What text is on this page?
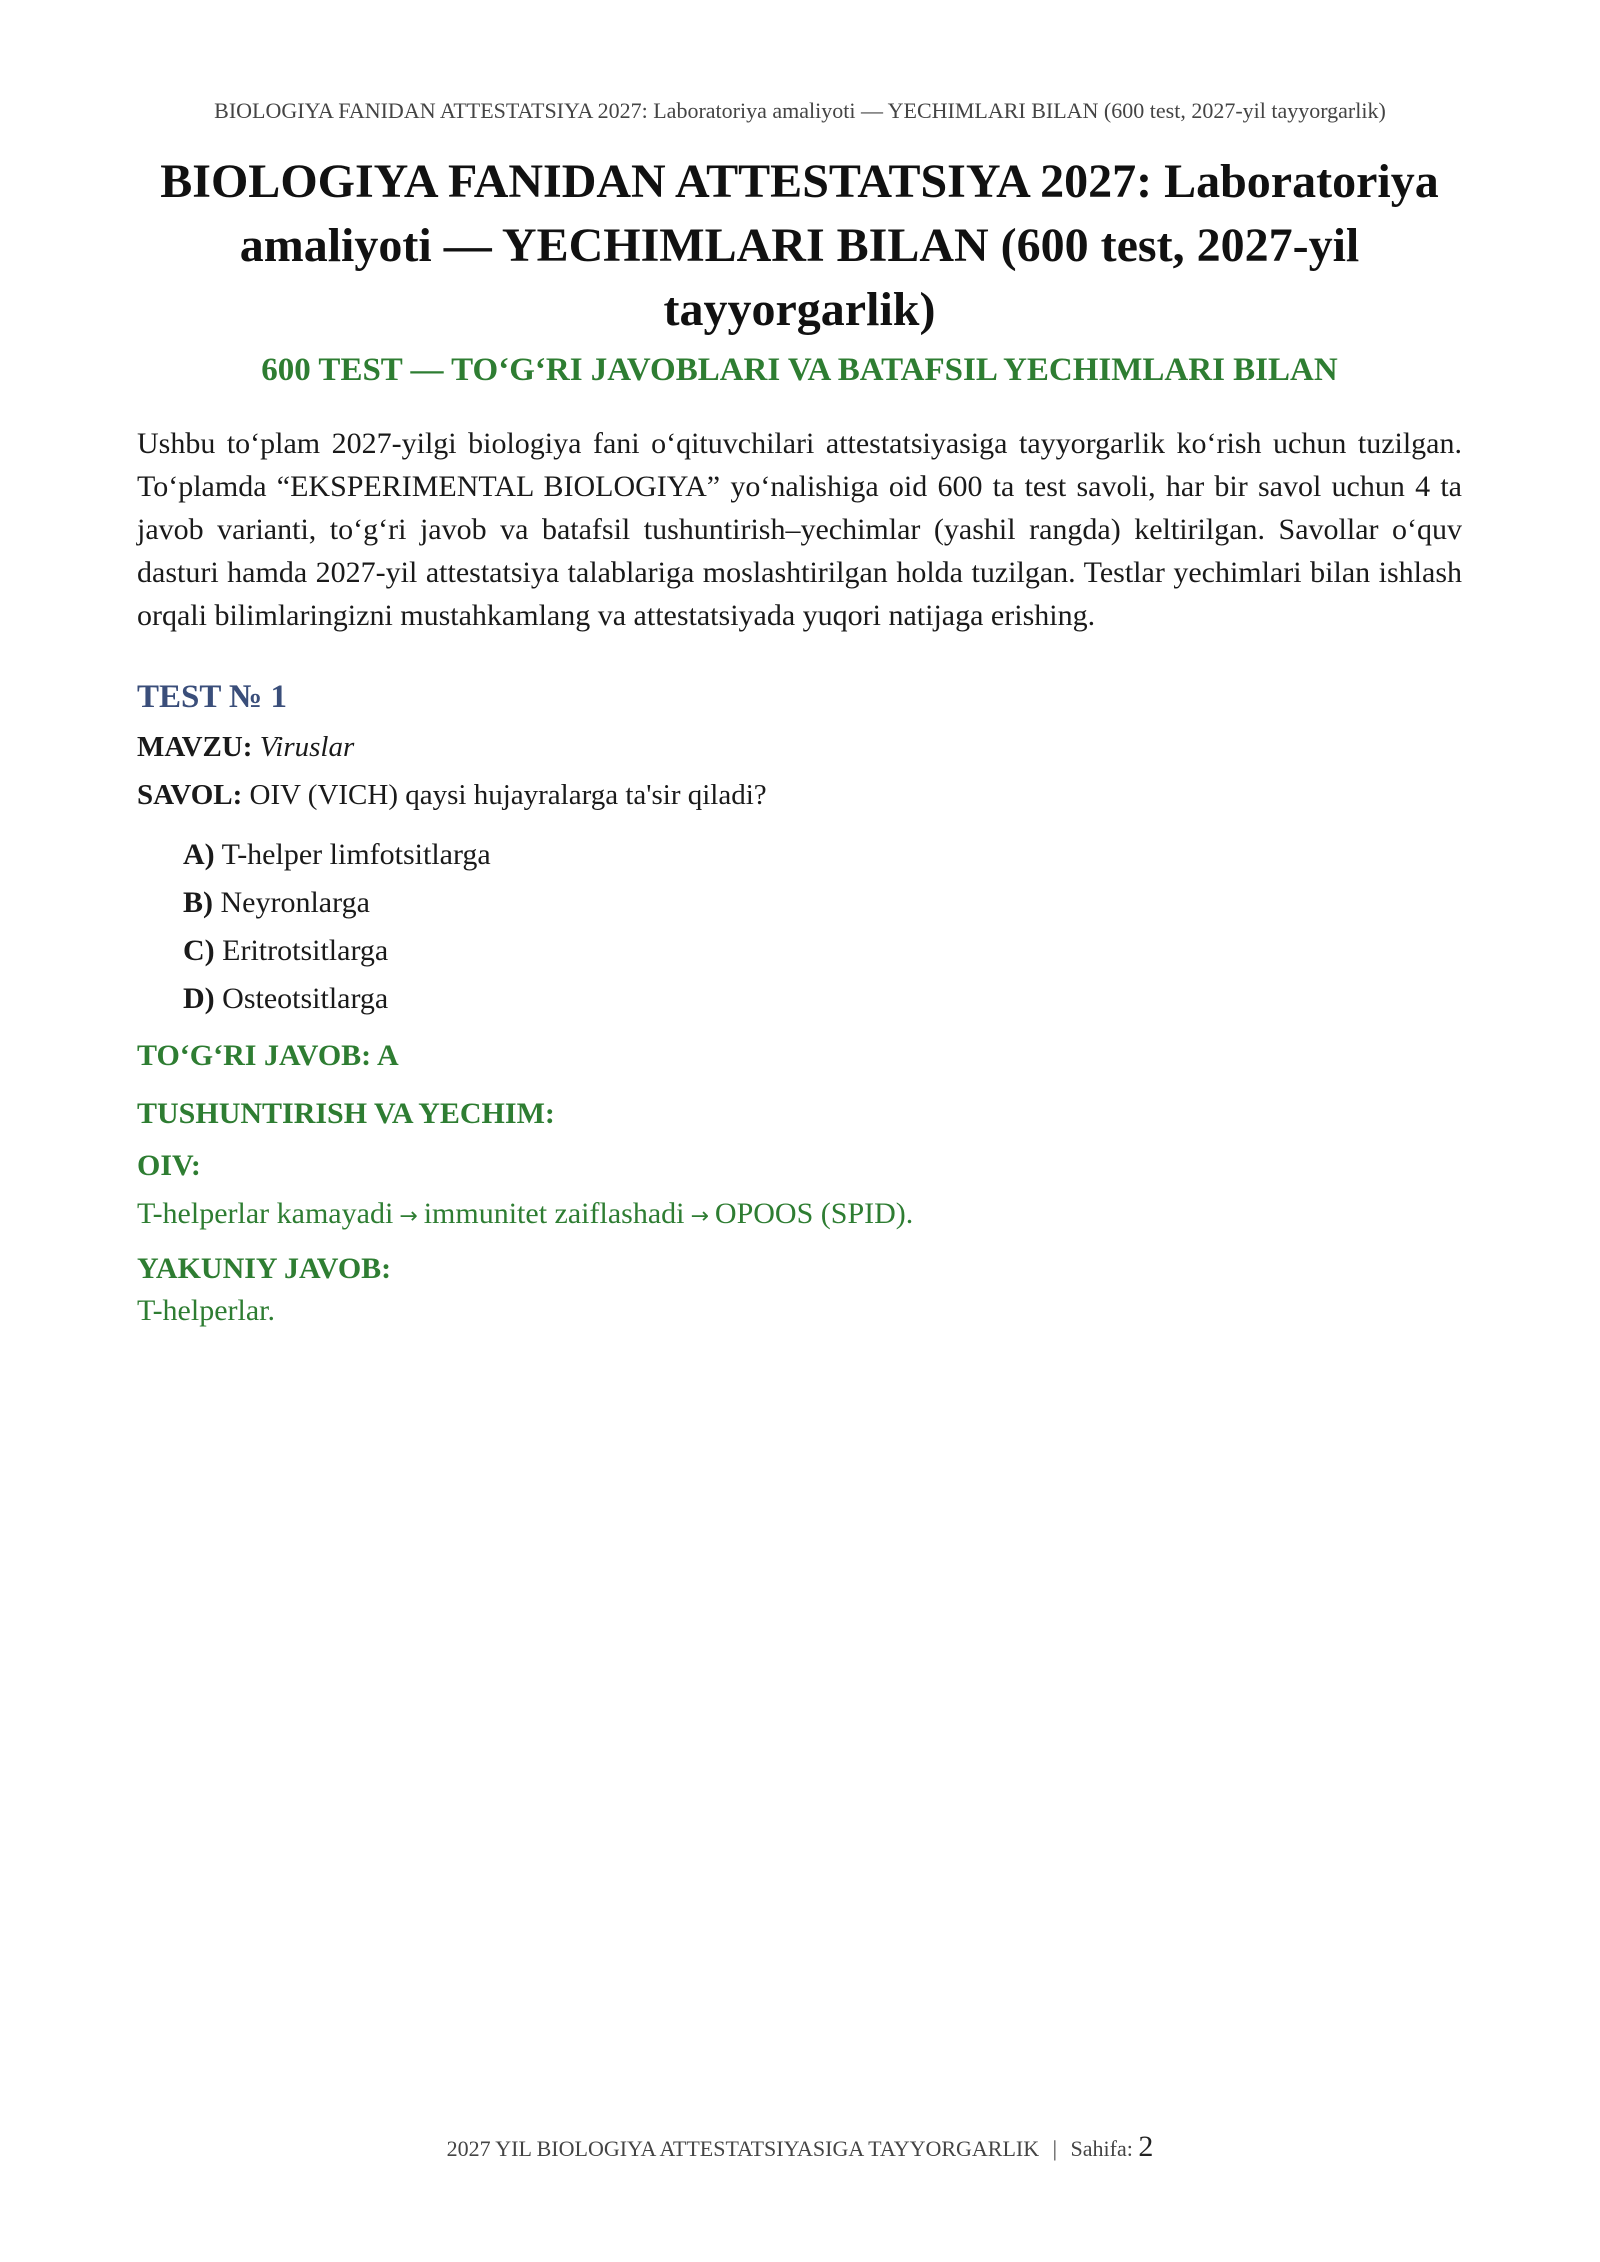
BIOLOGIYA FANIDAN ATTESTATSIYA 2027: Laboratoriya amaliyoti — YECHIMLARI BILAN (600 test, 2027-yil tayyorgarlik)
BIOLOGIYA FANIDAN ATTESTATSIYA 2027: Laboratoriya amaliyoti — YECHIMLARI BILAN (600 test, 2027-yil tayyorgarlik)
600 TEST — TO‘G‘RI JAVOBLARI VA BATAFSIL YECHIMLARI BILAN

Ushbu to‘plam 2027-yilgi biologiya fani o‘qituvchilari attestatsiyasiga tayyorgarlik ko‘rish uchun tuzilgan. To‘plamda “EKSPERIMENTAL BIOLOGIYA” yo‘nalishiga oid 600 ta test savoli, har bir savol uchun 4 ta javob varianti, to‘g‘ri javob va batafsil tushuntirish–yechimlar (yashil rangda) keltirilgan. Savollar o‘quv dasturi hamda 2027-yil attestatsiya talablariga moslashtirilgan holda tuzilgan. Testlar yechimlari bilan ishlash orqali bilimlaringizni mustahkamlang va attestatsiyada yuqori natijaga erishing.

TEST № 1
MAVZU: Viruslar
SAVOL: OIV (VICH) qaysi hujayralarga ta'sir qiladi?
A) T-helper limfotsitlarga
B) Neyronlarga
C) Eritrotsitlarga
D) Osteotsitlarga
TO‘G‘RI JAVOB: A
TUSHUNTIRISH VA YECHIM:
OIV:
T-helperlar kamayadi → immunitet zaiflashadi → OPOOS (SPID).
YAKUNIY JAVOB:
T-helperlar.
2027 YIL BIOLOGIYA ATTESTATSIYASIGA TAYYORGARLIK | Sahifa: 2
